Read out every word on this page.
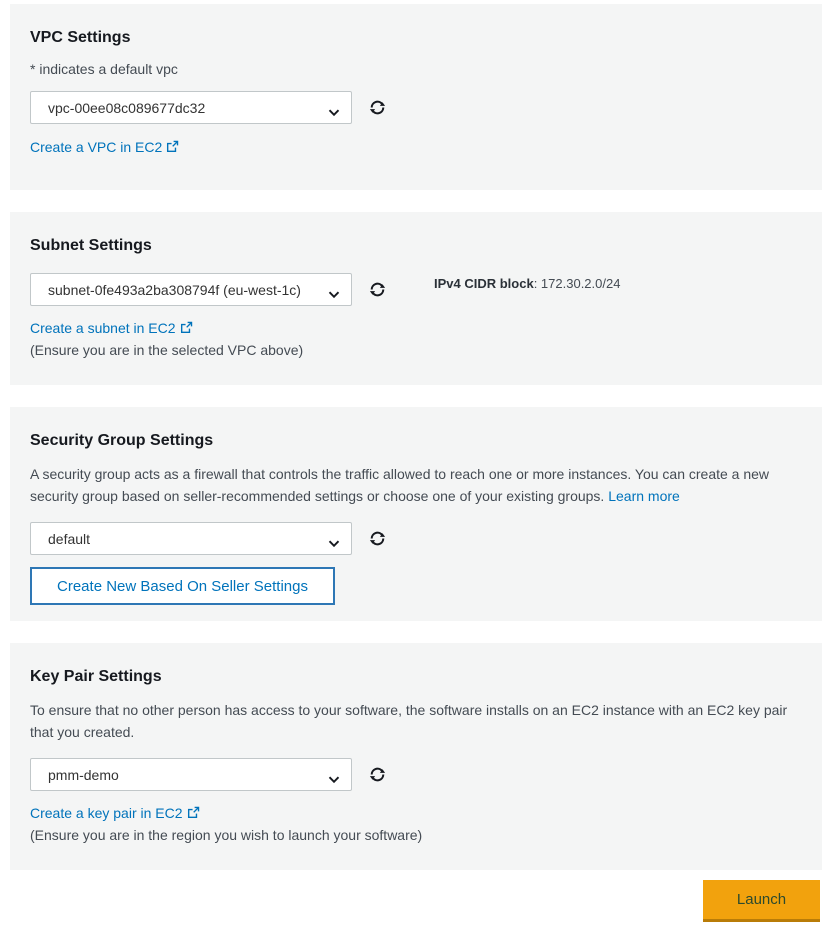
VPC Settings

* indicates a default vpc

vpc-00ee08c089677dc32
Create a VPC in EC2
Subnet Settings
subnet-0fe493a2ba308794f (eu-west-1c)
IPv4 CIDR block: 172.30.2.0/24
Create a subnet in EC2
(Ensure you are in the selected VPC above)
Security Group Settings

A security group acts as a firewall that controls the traffic allowed to reach one or more instances. You can create a new security group based on seller-recommended settings or choose one of your existing groups. Learn more

default
Create New Based On Seller Settings
Key Pair Settings

To ensure that no other person has access to your software, the software installs on an EC2 instance with an EC2 key pair that you created.

pmm-demo
Create a key pair in EC2
(Ensure you are in the region you wish to launch your software)
Launch
